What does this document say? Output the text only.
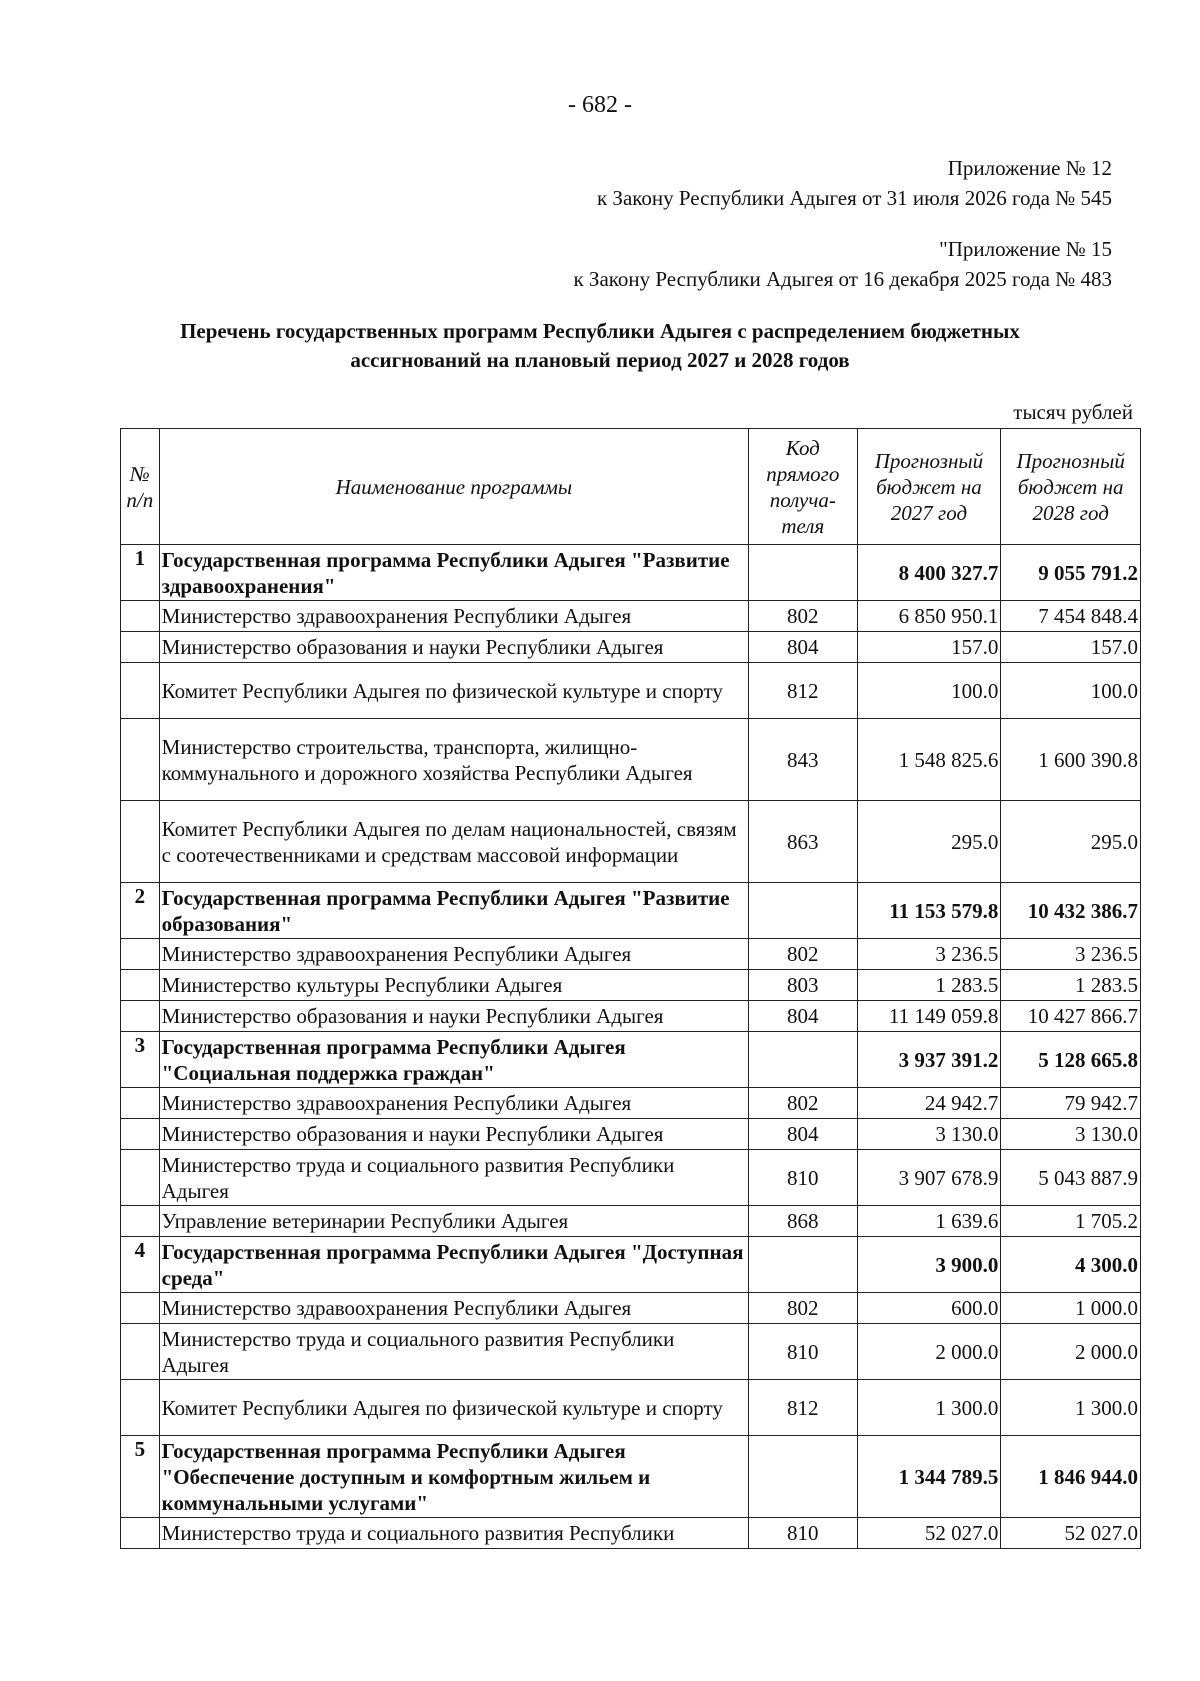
- 682 -
Приложение № 12
к Закону Республики Адыгея от 31 июля 2026 года № 545
"Приложение № 15
к Закону Республики Адыгея от 16 декабря 2025 года № 483
Перечень государственных программ Республики Адыгея с распределением бюджетных
ассигнований на плановый период 2027 и 2028 годов
тысяч рублей
№ п/п	Наименование программы	Код прямого получа-теля	Прогнозный бюджет на 2027 год	Прогнозный бюджет на 2028 год
1	Государственная программа Республики Адыгея "Развитие здравоохранения"		8 400 327.7	9 055 791.2
	Министерство здравоохранения Республики Адыгея	802	6 850 950.1	7 454 848.4
	Министерство образования и науки Республики Адыгея	804	157.0	157.0
	Комитет Республики Адыгея по физической культуре и спорту	812	100.0	100.0
	Министерство строительства, транспорта, жилищно-коммунального и дорожного хозяйства Республики Адыгея	843	1 548 825.6	1 600 390.8
	Комитет Республики Адыгея по делам национальностей, связям с соотечественниками и средствам массовой информации	863	295.0	295.0
2	Государственная программа Республики Адыгея "Развитие образования"		11 153 579.8	10 432 386.7
	Министерство здравоохранения Республики Адыгея	802	3 236.5	3 236.5
	Министерство культуры Республики Адыгея	803	1 283.5	1 283.5
	Министерство образования и науки Республики Адыгея	804	11 149 059.8	10 427 866.7
3	Государственная программа Республики Адыгея "Социальная поддержка граждан"		3 937 391.2	5 128 665.8
	Министерство здравоохранения Республики Адыгея	802	24 942.7	79 942.7
	Министерство образования и науки Республики Адыгея	804	3 130.0	3 130.0
	Министерство труда и социального развития Республики Адыгея	810	3 907 678.9	5 043 887.9
	Управление ветеринарии Республики Адыгея	868	1 639.6	1 705.2
4	Государственная программа Республики Адыгея "Доступная среда"		3 900.0	4 300.0
	Министерство здравоохранения Республики Адыгея	802	600.0	1 000.0
	Министерство труда и социального развития Республики Адыгея	810	2 000.0	2 000.0
	Комитет Республики Адыгея по физической культуре и спорту	812	1 300.0	1 300.0
5	Государственная программа Республики Адыгея "Обеспечение доступным и комфортным жильем и коммунальными услугами"		1 344 789.5	1 846 944.0
	Министерство труда и социального развития Республики	810	52 027.0	52 027.0
